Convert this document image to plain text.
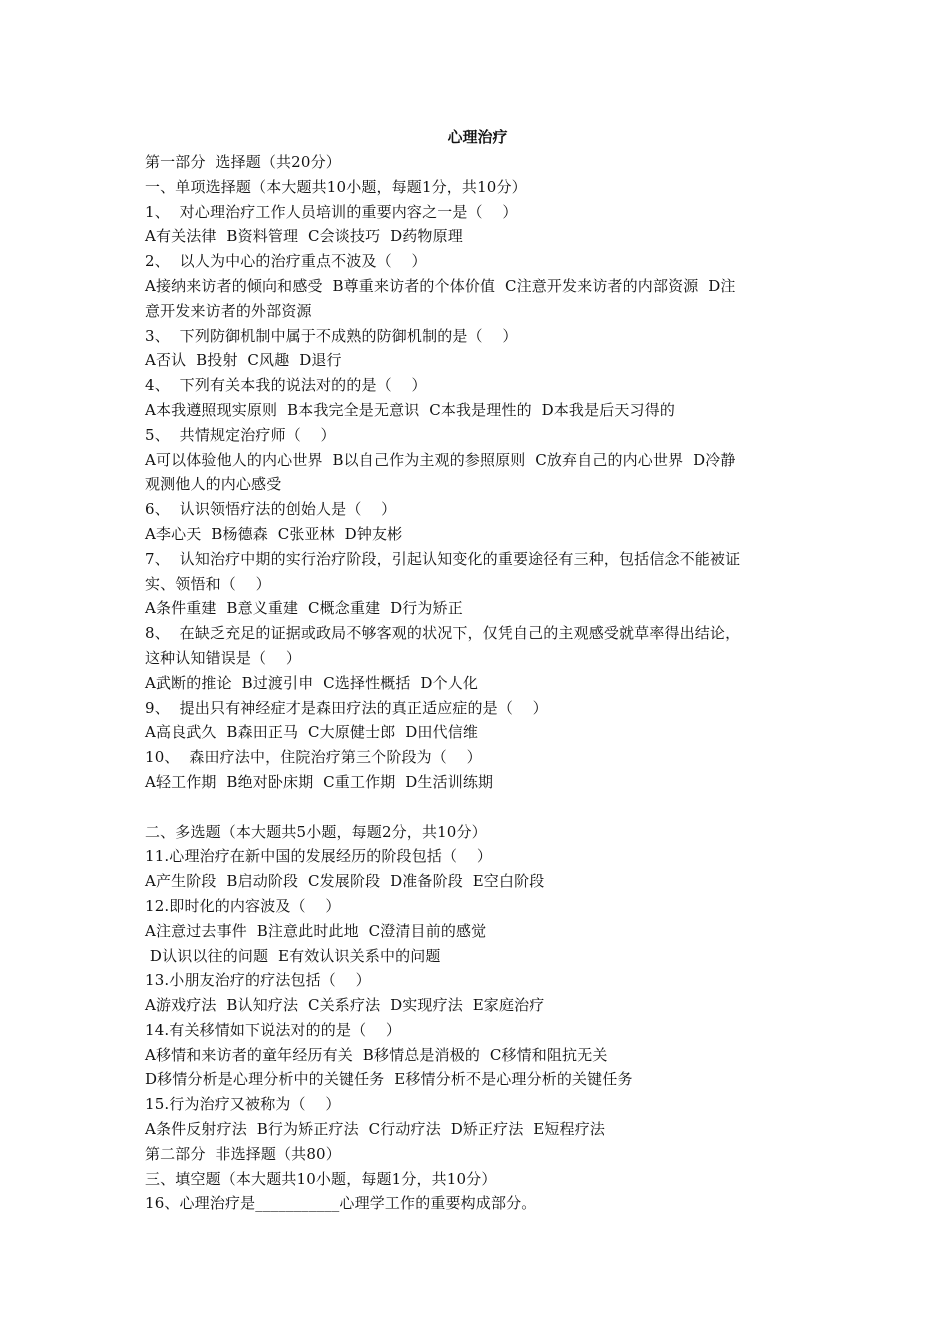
心理治疗

第一部分  选择题（共20分）

一、单项选择题（本大题共10小题，每题1分，共10分）

1、  对心理治疗工作人员培训的重要内容之一是（    ）

A有关法律  B资料管理  C会谈技巧  D药物原理

2、  以人为中心的治疗重点不波及（    ）

A接纳来访者的倾向和感受  B尊重来访者的个体价值  C注意开发来访者的内部资源  D注

意开发来访者的外部资源

3、  下列防御机制中属于不成熟的防御机制的是（    ）

A否认  B投射  C风趣  D退行

4、  下列有关本我的说法对的的是（    ）

A本我遵照现实原则  B本我完全是无意识  C本我是理性的  D本我是后天习得的

5、  共情规定治疗师（    ）

A可以体验他人的内心世界  B以自己作为主观的参照原则  C放弃自己的内心世界  D冷静

观测他人的内心感受

6、  认识领悟疗法的创始人是（    ）

A李心天  B杨德森  C张亚林  D钟友彬

7、  认知治疗中期的实行治疗阶段，引起认知变化的重要途径有三种，包括信念不能被证

实、领悟和（    ）

A条件重建  B意义重建  C概念重建  D行为矫正

8、  在缺乏充足的证据或政局不够客观的状况下，仅凭自己的主观感受就草率得出结论，

这种认知错误是（    ）

A武断的推论  B过渡引申  C选择性概括  D个人化

9、  提出只有神经症才是森田疗法的真正适应症的是（    ）

A高良武久  B森田正马  C大原健士郎  D田代信维

10、  森田疗法中，住院治疗第三个阶段为（    ）

A轻工作期  B绝对卧床期  C重工作期  D生活训练期

二、多选题（本大题共5小题，每题2分，共10分）

11.心理治疗在新中国的发展经历的阶段包括（    ）

A产生阶段  B启动阶段  C发展阶段  D准备阶段  E空白阶段

12.即时化的内容波及（    ）

A注意过去事件  B注意此时此地  C澄清目前的感觉

D认识以往的问题  E有效认识关系中的问题

13.小朋友治疗的疗法包括（    ）

A游戏疗法  B认知疗法  C关系疗法  D实现疗法  E家庭治疗

14.有关移情如下说法对的的是（    ）

A移情和来访者的童年经历有关  B移情总是消极的  C移情和阻抗无关

D移情分析是心理分析中的关键任务  E移情分析不是心理分析的关键任务

15.行为治疗又被称为（    ）

A条件反射疗法  B行为矫正疗法  C行动疗法  D矫正疗法  E短程疗法

第二部分  非选择题（共80）

三、填空题（本大题共10小题，每题1分，共10分）

16、心理治疗是___________心理学工作的重要构成部分。
